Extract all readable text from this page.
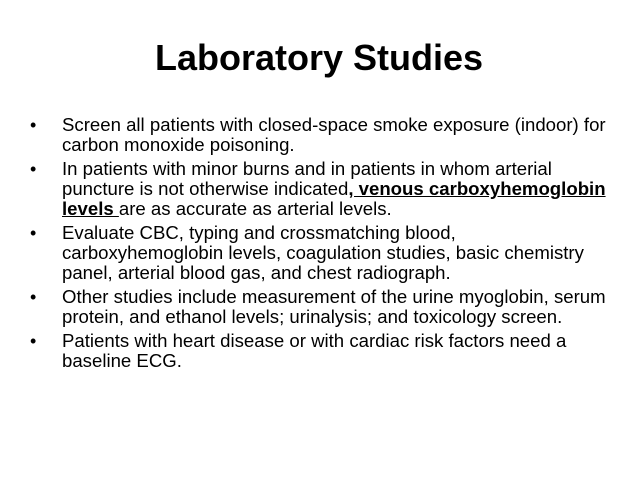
Laboratory Studies
•	Screen all patients with closed-space smoke exposure (indoor) for carbon monoxide poisoning.
•	In patients with minor burns and in patients in whom arterial puncture is not otherwise indicated, venous carboxyhemoglobin levels are as accurate as arterial levels.
•	Evaluate CBC, typing and crossmatching blood, carboxyhemoglobin levels, coagulation studies, basic chemistry panel, arterial blood gas, and chest radiograph.
•	Other studies include measurement of the urine myoglobin, serum protein, and ethanol levels; urinalysis; and toxicology screen.
•	Patients with heart disease or with cardiac risk factors need a baseline ECG.
